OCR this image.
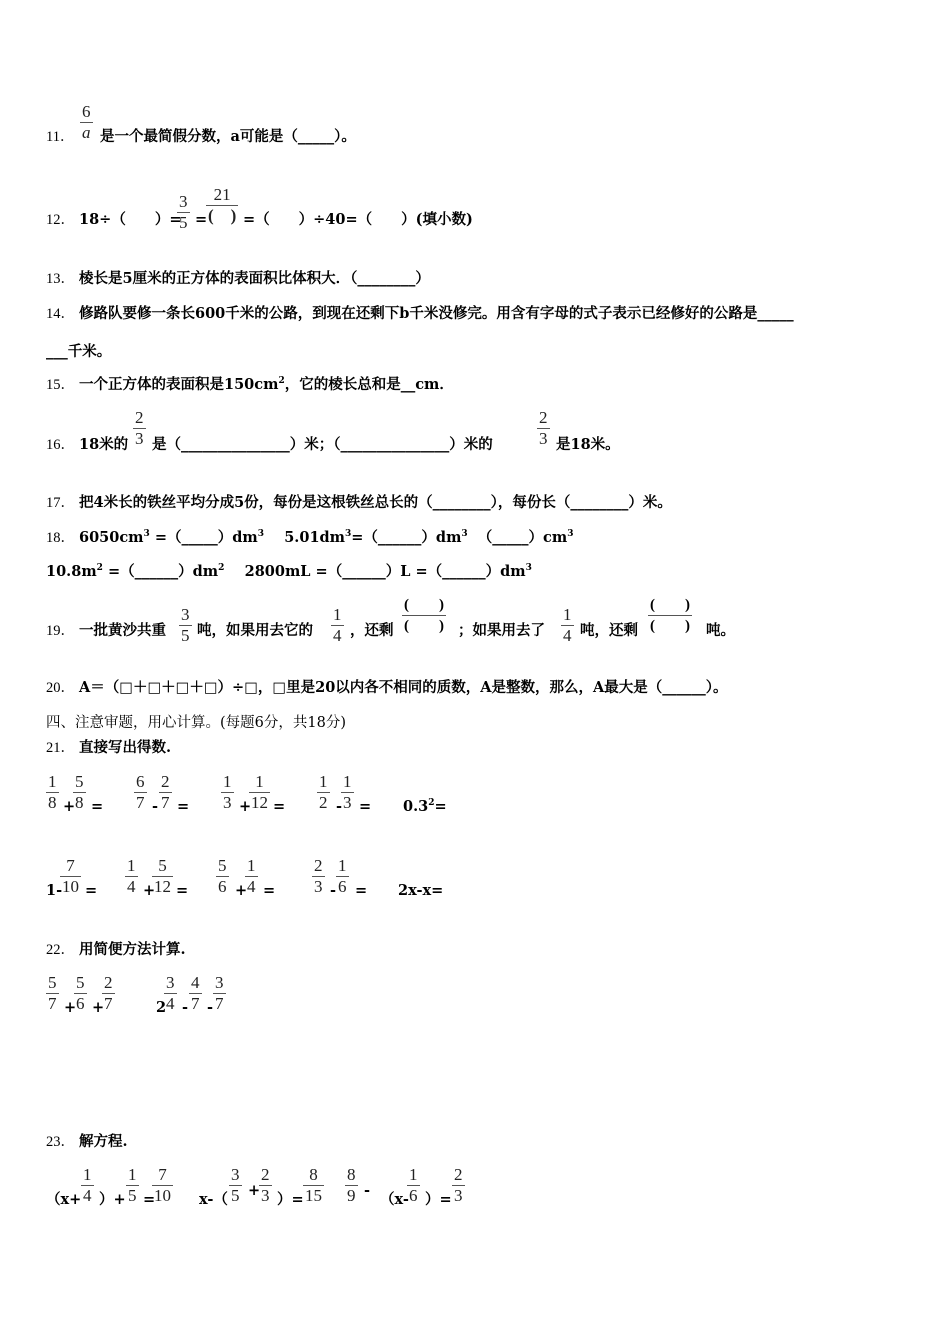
11． $\frac{6}{a}$ 是一个最简假分数，a可能是（_____）。
12． 18÷（　　）=
$\frac{3}{5}$ =
21
(　) =（　　）÷40=（　　）(填小数)
13． 棱长是5厘米的正方体的表面积比体积大．（________）
14． 修路队要修一条长600千米的公路，到现在还剩下b千米没修完。用含有字母的式子表示已经修好的公路是_____
___千米。
15． 一个正方体的表面积是$150cm^2$，它的棱长总和是__cm．
16． 18米的 $\frac{2}{3}$ 是（_______________）米；（_______________）米的	$\frac{2}{3}$ 是18米。
17． 把4米长的铁丝平均分成5份，每份是这根铁丝总长的（________），每份长（________）米。
18． $6050cm^3$ $=(\_\_\_\_\_)dm^3$ $5.01dm^3=(\_\_\_\_\_\_)dm^3$ $(\_\_\_\_\_)cm^3$
$10.8m^2$ $=(\_\_\_\_\_\_)dm^2$ 2800mL =（______）L $=(\_\_\_\_\_\_)dm^3$
19． 一批黄沙共重 $\frac{3}{5}$ 吨，如果用去它的 $\frac{1}{4}$ ，还剩
(　　)
(　　) ；如果用去了 $\frac{1}{4}$ 吨，还剩
(　　)
(　　) 吨。
20． A＝（□＋□＋□＋□）÷□，□里是20以内各不相同的质数，A是整数，那么，A最大是（______）。
四、注意审题，用心计算。(每题6分，共18分)
21． 直接写出得数.
$\frac{1}{8}$ +
$\frac{5}{8} = \frac{6}{7} - \frac{2}{7} = \frac{1}{3}$ +
$\frac{1}{12} = \frac{1}{2}$ -
$\frac{1}{3} = 0.3^2=$
1-
$\frac{7}{10} = \frac{1}{4}$ +
$\frac{5}{12} = \frac{5}{6}$ +
$\frac{1}{4} = \frac{2}{3} - \frac{1}{6} = 2x-x=$
22． 用简便方法计算.
$\frac{5}{7}$ +
$\frac{5}{6}$ +
$\frac{2}{7}$	2
$\frac{3}{4} - \frac{4}{7} - \frac{3}{7}$
23． 解方程.
（$x+ \frac{1}{4}$ ）+ $\frac{1}{5}$ =
$\frac{7}{10} x-( \frac{3}{5}$ +
$\frac{2}{3}$ ）= $\frac{8}{15} \frac{8}{9}$ -
（x-
$\frac{1}{6}$ ）= $\frac{2}{3}$
